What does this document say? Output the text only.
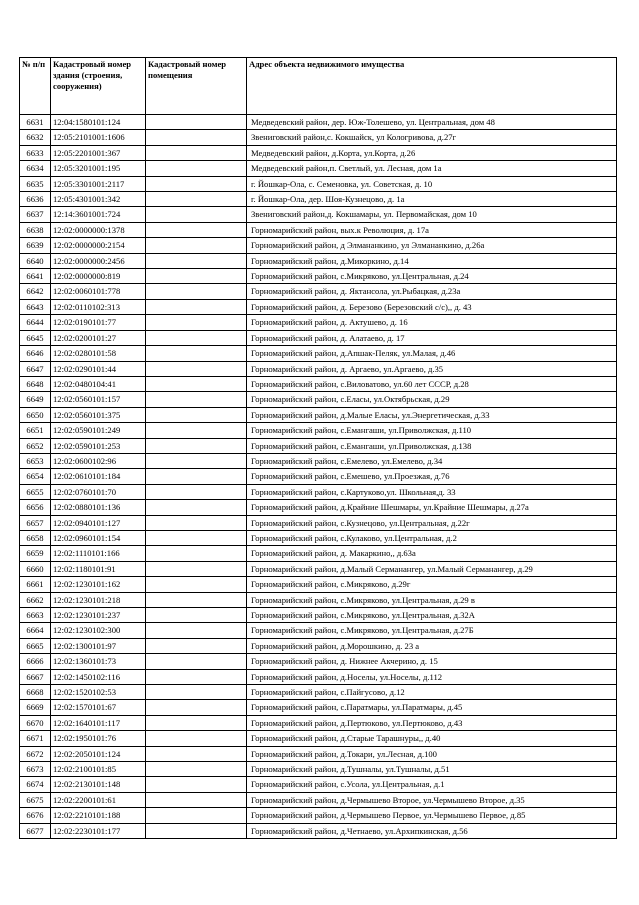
№ п/п	Кадастровый номер здания (строения, сооружения)	Кадастровый номер помещения	Адрес объекта недвижимого имущества
6631	12:04:1580101:124		Медведевский район, дер. Юж-Толешево, ул. Центральная, дом 48
6632	12:05:2101001:1606		Звениговский район,с. Кокшайск, ул Кологривова, д.27г
6633	12:05:2201001:367		Медведевский район, д.Корта, ул.Корта, д.26
6634	12:05:3201001:195		Медведевский район,п. Светлый, ул. Лесная, дом 1а
6635	12:05:3301001:2117		г. Йошкар-Ола, с. Семеновка, ул. Советская, д. 10
6636	12:05:4301001:342		г. Йошкар-Ола, дер. Шоя-Кузнецово, д. 1а
6637	12:14:3601001:724		Звениговский район,д. Кокшамары, ул. Первомайская, дом 10
6638	12:02:0000000:1378		Горномарийский район, вых.к Революция, д. 17а
6639	12:02:0000000:2154		Горномарийский район, д Элмананкино, ул Элмананкино, д.26а
6640	12:02:0000000:2456		Горномарийский район, д.Микоркино, д.14
6641	12:02:0000000:819		Горномарийский район, с.Микряково, ул.Центральная, д.24
6642	12:02:0060101:778		Горномарийский район, д. Яктансола, ул.Рыбацкая, д.23а
6643	12:02:0110102:313		Горномарийский район, д. Березово (Березовский с/с),, д. 43
6644	12:02:0190101:77		Горномарийский район, д. Актушево, д. 16
6645	12:02:0200101:27		Горномарийский район, д. Алатаево, д. 17
6646	12:02:0280101:58		Горномарийский район, д.Апшак-Пеляк, ул.Малая, д.46
6647	12:02:0290101:44		Горномарийский район, д. Аргаево, ул.Аргаево, д.35
6648	12:02:0480104:41		Горномарийский район, с.Виловатово, ул.60 лет СССР, д.28
6649	12:02:0560101:157		Горномарийский район, с.Еласы, ул.Октябрьская, д.29
6650	12:02:0560101:375		Горномарийский район, д.Малые Еласы, ул.Энергетическая, д.33
6651	12:02:0590101:249		Горномарийский район, с.Емангаши, ул.Приволжская, д.110
6652	12:02:0590101:253		Горномарийский район, с.Емангаши, ул.Приволжская, д.138
6653	12:02:0600102:96		Горномарийский район, с.Емелево, ул.Емелево, д.34
6654	12:02:0610101:184		Горномарийский район, с.Емешево, ул.Проезжая, д.76
6655	12:02:0760101:70		Горномарийский район, с.Картуково,ул. Школьная,д. 33
6656	12:02:0880101:136		Горномарийский район, д.Крайние Шешмары, ул.Крайние Шешмары, д.27а
6657	12:02:0940101:127		Горномарийский район, с.Кузнецово, ул.Центральная, д.22г
6658	12:02:0960101:154		Горномарийский район, с.Кулаково, ул.Центральная, д.2
6659	12:02:1110101:166		Горномарийский район, д. Макаркино,, д.63а
6660	12:02:1180101:91		Горномарийский район, д.Малый Серманангер, ул.Малый Серманангер, д.29
6661	12:02:1230101:162		Горномарийский район, с.Микряково, д.29г
6662	12:02:1230101:218		Горномарийский район, с.Микряково, ул.Центральная, д.29 в
6663	12:02:1230101:237		Горномарийский район, с.Микряково, ул.Центральная, д.32А
6664	12:02:1230102:300		Горномарийский район, с.Микряково, ул.Центральная, д.27Б
6665	12:02:1300101:97		Горномарийский район, д.Морошкино, д. 23 а
6666	12:02:1360101:73		Горномарийский район, д. Нижнее Акчерино, д. 15
6667	12:02:1450102:116		Горномарийский район, д.Носелы, ул.Носелы, д.112
6668	12:02:1520102:53		Горномарийский район, с.Пайгусово, д.12
6669	12:02:1570101:67		Горномарийский район, с.Паратмары, ул.Паратмары, д.45
6670	12:02:1640101:117		Горномарийский район, д.Пертюково, ул.Пертюково, д.43
6671	12:02:1950101:76		Горномарийский район, д.Старые Тарашнуры,, д.40
6672	12:02:2050101:124		Горномарийский район, д.Токари, ул.Лесная, д.100
6673	12:02:2100101:85		Горномарийский район, д.Тушналы, ул.Тушналы, д.51
6674	12:02:2130101:148		Горномарийский район, с.Усола, ул.Центральная, д.1
6675	12:02:2200101:61		Горномарийский район, д.Чермышево Второе, ул.Чермышево Второе, д.35
6676	12:02:2210101:188		Горномарийский район, д.Чермышево Первое, ул.Чермышево Первое, д.85
6677	12:02:2230101:177		Горномарийский район, д.Четнаево, ул.Архипкинская, д.56
